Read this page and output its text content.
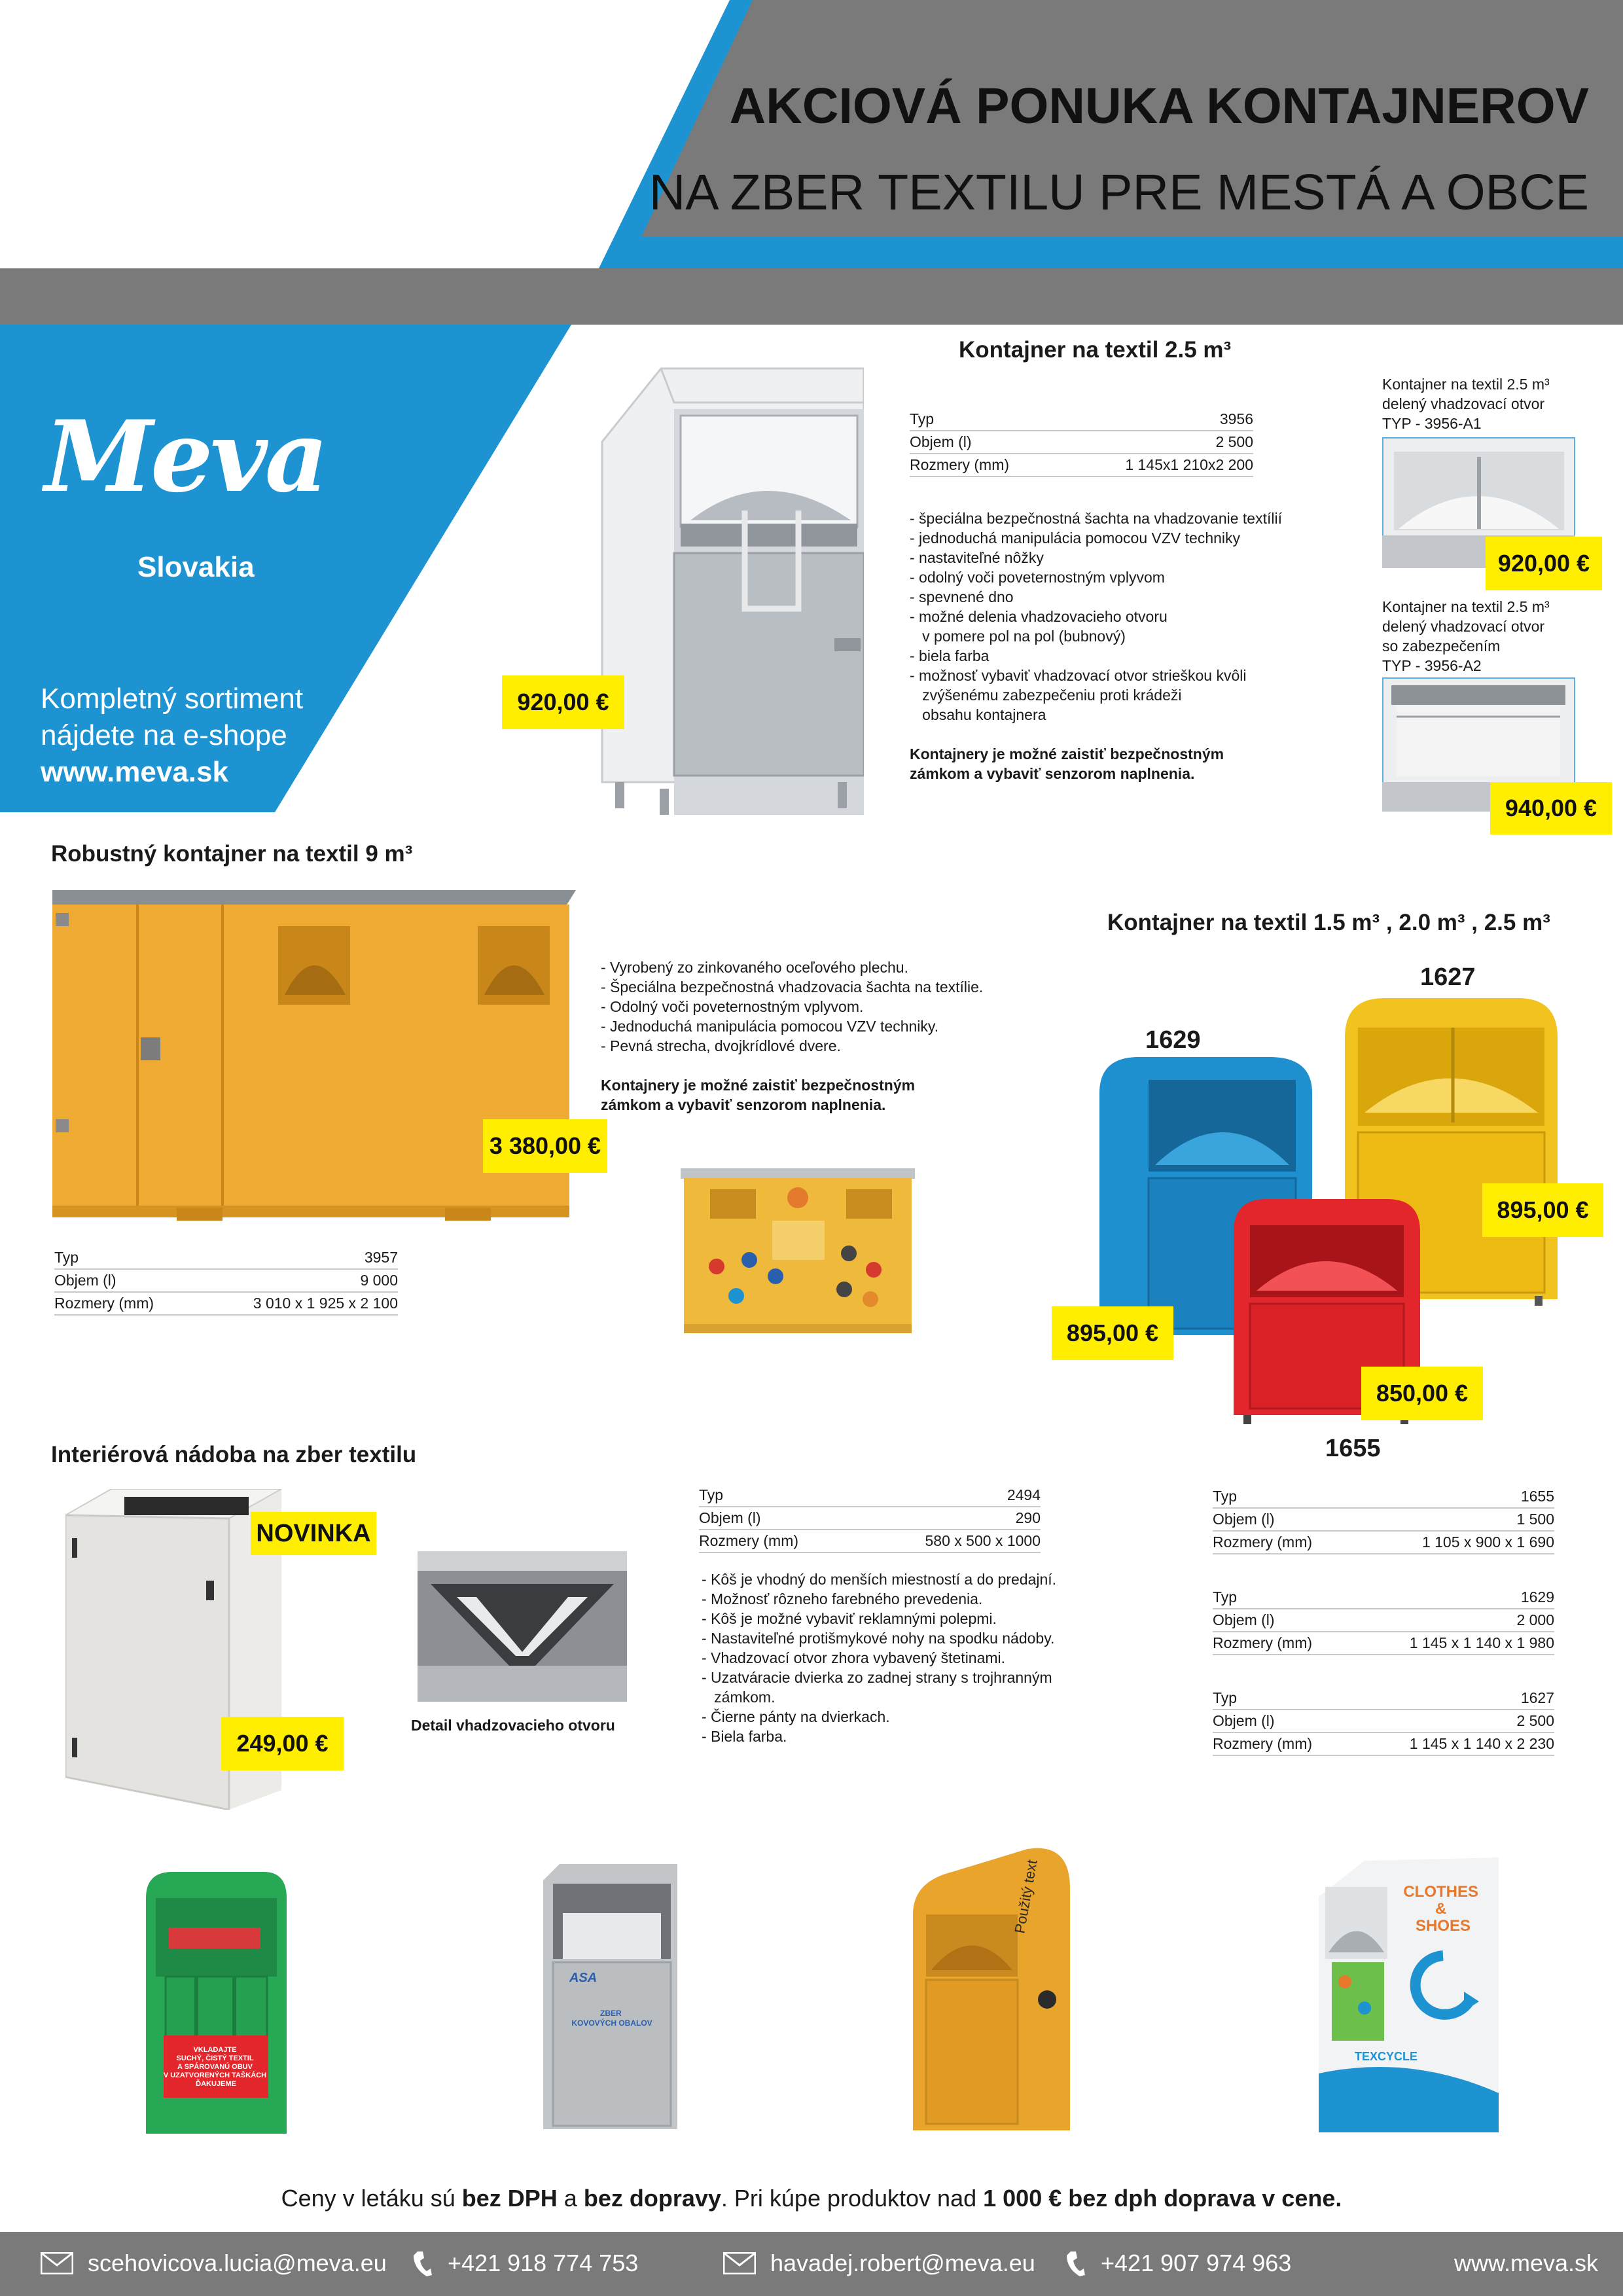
AKCIOVÁ PONUKA KONTAJNEROV
NA ZBER TEXTILU PRE MESTÁ A OBCE
Meva
Slovakia
Kompletný sortiment
nájdete na e-shope
www.meva.sk
Kontajner na textil 2.5 m³
920,00 €
Typ	3956
Objem (l)	2 500
Rozmery (mm)	1 145x1 210x2 200
- špeciálna bezpečnostná šachta na vhadzovanie textílií
- jednoduchá manipulácia pomocou VZV techniky
- nastaviteľné nôžky
- odolný voči poveternostným vplyvom
- spevnené dno
- možné delenia vhadzovacieho otvoru
v pomere pol na pol (bubnový)
- biela farba
- možnosť vybaviť vhadzovací otvor strieškou kvôli
zvýšenému zabezpečeniu proti krádeži
obsahu kontajnera
Kontajnery je možné zaistiť bezpečnostným
zámkom a vybaviť senzorom naplnenia.
Kontajner na textil 2.5 m³
delený vhadzovací otvor
TYP - 3956-A1
920,00 €
Kontajner na textil 2.5 m³
delený vhadzovací otvor
so zabezpečením
TYP - 3956-A2
940,00 €
Robustný kontajner na textil 9 m³
3 380,00 €
- Vyrobený zo zinkovaného oceľového plechu.
- Špeciálna bezpečnostná vhadzovacia šachta na textílie.
- Odolný voči poveternostným vplyvom.
- Jednoduchá manipulácia pomocou VZV techniky.
- Pevná strecha, dvojkrídlové dvere.
Kontajnery je možné zaistiť bezpečnostným
zámkom a vybaviť senzorom naplnenia.
Typ	3957
Objem (l)	9 000
Rozmery (mm)	3 010 x 1 925 x 2 100
Kontajner na textil 1.5 m³ , 2.0 m³ , 2.5 m³
1627
1629
1655
895,00 €
895,00 €
850,00 €
Typ	1655
Objem (l)	1 500
Rozmery (mm)	1 105 x 900 x 1 690
Typ	1629
Objem (l)	2 000
Rozmery (mm)	1 145 x 1 140 x 1 980
Typ	1627
Objem (l)	2 500
Rozmery (mm)	1 145 x 1 140 x 2 230
Interiérová nádoba na zber textilu
NOVINKA
249,00 €
Detail vhadzovacieho otvoru
Typ	2494
Objem (l)	290
Rozmery (mm)	580 x 500 x 1000
- Kôš je vhodný do menších miestností a do predajní.
- Možnosť rôzneho farebného prevedenia.
- Kôš je možné vybaviť reklamnými polepmi.
- Nastaviteľné protišmykové nohy na spodku nádoby.
- Vhadzovací otvor zhora vybavený štetinami.
- Uzatváracie dvierka zo zadnej strany s trojhranným
zámkom.
- Čierne pánty na dvierkach.
- Biela farba.
VKLADAJTE SUCHÝ, ČISTÝ TEXTIL A SPÁROVANÚ OBUV V UZATVORENÝCH TAŠKÁCH ĎAKUJEME
ASA
ZBER KOVOVÝCH OBALOV
Použitý text	CLOTHES & SHOES
TEXCYCLE
Ceny v letáku sú bez DPH a bez dopravy. Pri kúpe produktov nad 1 000 € bez dph doprava v cene.
scehovicova.lucia@meva.eu	+421 918 774 753	havadej.robert@meva.eu	+421 907 974 963	www.meva.sk
